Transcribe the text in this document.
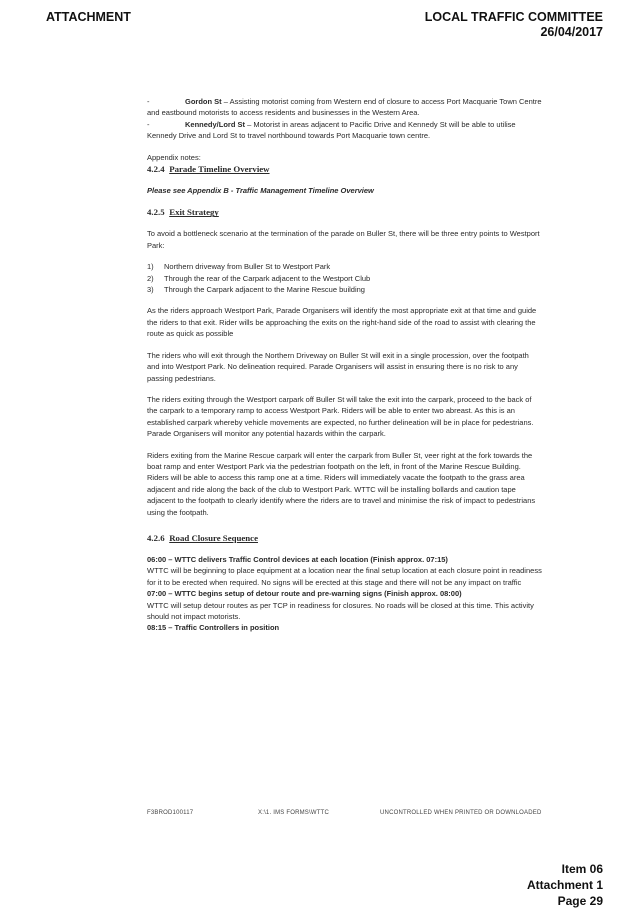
ATTACHMENT	LOCAL TRAFFIC COMMITTEE
26/04/2017

-	Gordon St – Assisting motorist coming from Western end of closure to access Port Macquarie Town Centre and eastbound motorists to access residents and businesses in the Western Area.

-	Kennedy/Lord St – Motorist in areas adjacent to Pacific Drive and Kennedy St will be able to utilise Kennedy Drive and Lord St to travel northbound towards Port Macquarie town centre.

Appendix notes:

4.2.4 Parade Timeline Overview

Please see Appendix B - Traffic Management Timeline Overview

4.2.5 Exit Strategy

To avoid a bottleneck scenario at the termination of the parade on Buller St, there will be three entry points to Westport Park:

1) Northern driveway from Buller St to Westport Park

2) Through the rear of the Carpark adjacent to the Westport Club

3) Through the Carpark adjacent to the Marine Rescue building

As the riders approach Westport Park, Parade Organisers will identify the most appropriate exit at that time and guide the riders to that exit. Rider wills be approaching the exits on the right-hand side of the road to assist with clearing the route as quick as possible

The riders who will exit through the Northern Driveway on Buller St will exit in a single procession, over the footpath and into Westport Park. No delineation required. Parade Organisers will assist in ensuring there is no risk to any passing pedestrians.

The riders exiting through the Westport carpark off Buller St will take the exit into the carpark, proceed to the back of the carpark to a temporary ramp to access Westport Park. Riders will be able to enter two abreast. As this is an established carpark whereby vehicle movements are expected, no further delineation will be in place for pedestrians. Parade Organisers will monitor any potential hazards within the carpark.

Riders exiting from the Marine Rescue carpark will enter the carpark from Buller St, veer right at the fork towards the boat ramp and enter Westport Park via the pedestrian footpath on the left, in front of the Marine Rescue Building. Riders will be able to access this ramp one at a time. Riders will immediately vacate the footpath to the grass area adjacent and ride along the back of the club to Westport Park. WTTC will be installing bollards and caution tape adjacent to the footpath to clearly identify where the riders are to travel and minimise the risk of impact to pedestrians using the footpath.

4.2.6 Road Closure Sequence

06:00 – WTTC delivers Traffic Control devices at each location (Finish approx. 07:15)

WTTC will be beginning to place equipment at a location near the final setup location at each closure point in readiness for it to be erected when required. No signs will be erected at this stage and there will not be any impact on traffic

07:00 – WTTC begins setup of detour route and pre-warning signs (Finish approx. 08:00)

WTTC will setup detour routes as per TCP in readiness for closures. No roads will be closed at this time. This activity should not impact motorists.

08:15 – Traffic Controllers in position

F3BROD100117	X:\1. IMS FORMS\WTTC	UNCONTROLLED WHEN PRINTED OR DOWNLOADED
Item 06
Attachment 1
Page 29
